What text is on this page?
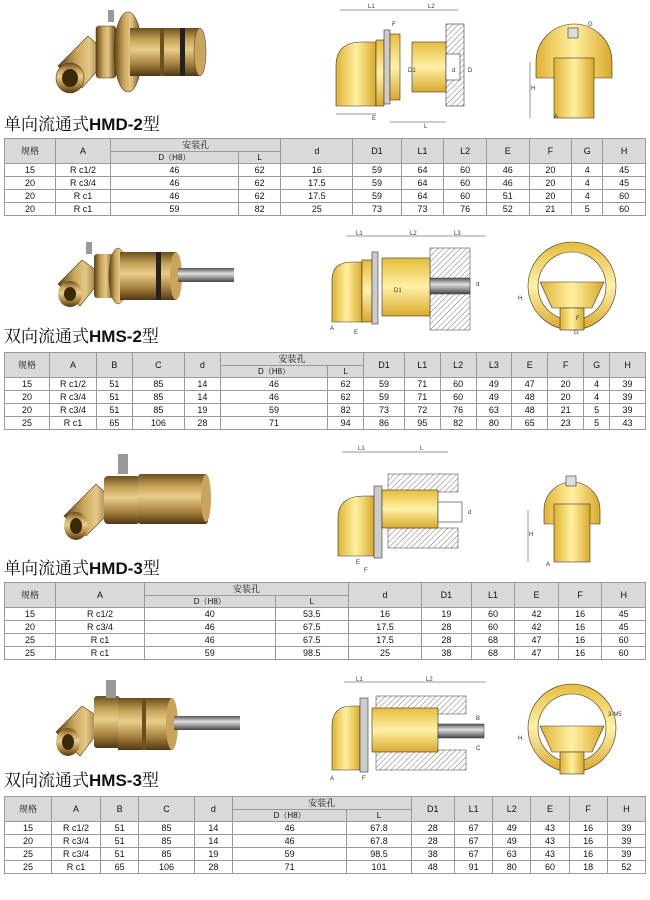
L1	L2
E
L
D1	d D
F
H
A
G
单向流通式HMD-2型
规格	A	安装孔		d	D1	L1	L2	E	F	G	H
		D（H8）	L								
15	R c1/2	46	62	16	59	64	60	46	20	4	45
20	R c3/4	46	62	17.5	59	64	60	46	20	4	45
20	R c1	46	62	17.5	59	64	60	51	20	4	60
20	R c1	59	82	25	73	73	76	52	21	5	60
L1	L2	L3
E
A
D1
d
H
F
G
双向流通式HMS-2型
规格	A	B	C	d	安装孔		D1	L1	L2	L3	E	F	G	H
					D（H8）	L								
15	R c1/2	51	85	14	46	62	59	71	60	49	47	20	4	39
20	R c3/4	51	85	14	46	62	59	71	60	49	48	20	4	39
20	R c3/4	51	85	19	59	82	73	72	76	63	48	21	5	39
25	R c1	65	106	28	71	94	86	95	82	80	65	23	5	43
L1	L
E
d
F
H
A
单向流通式HMD-3型
规格	A	安装孔		d	D1	L1	E	F	H
		D（H8）	L						
15	R c1/2	40	53.5	16	19	60	42	16	45
20	R c3/4	46	67.5	17.5	28	60	42	16	45
25	R c1	46	67.5	17.5	28	68	47	16	60
25	R c1	59	98.5	25	38	68	47	16	60
L1	L2
A	F
B
C
H
3-M5
双向流通式HMS-3型
规格	A	B	C	d	安装孔		D1	L1	L2	E	F	H
					D（H8）	L						
15	R c1/2	51	85	14	46	67.8	28	67	49	43	16	39
20	R c3/4	51	85	14	46	67.8	28	67	49	43	16	39
25	R c3/4	51	85	19	59	98.5	38	67	63	43	16	39
25	R c1	65	106	28	71	101	48	91	80	60	18	52
